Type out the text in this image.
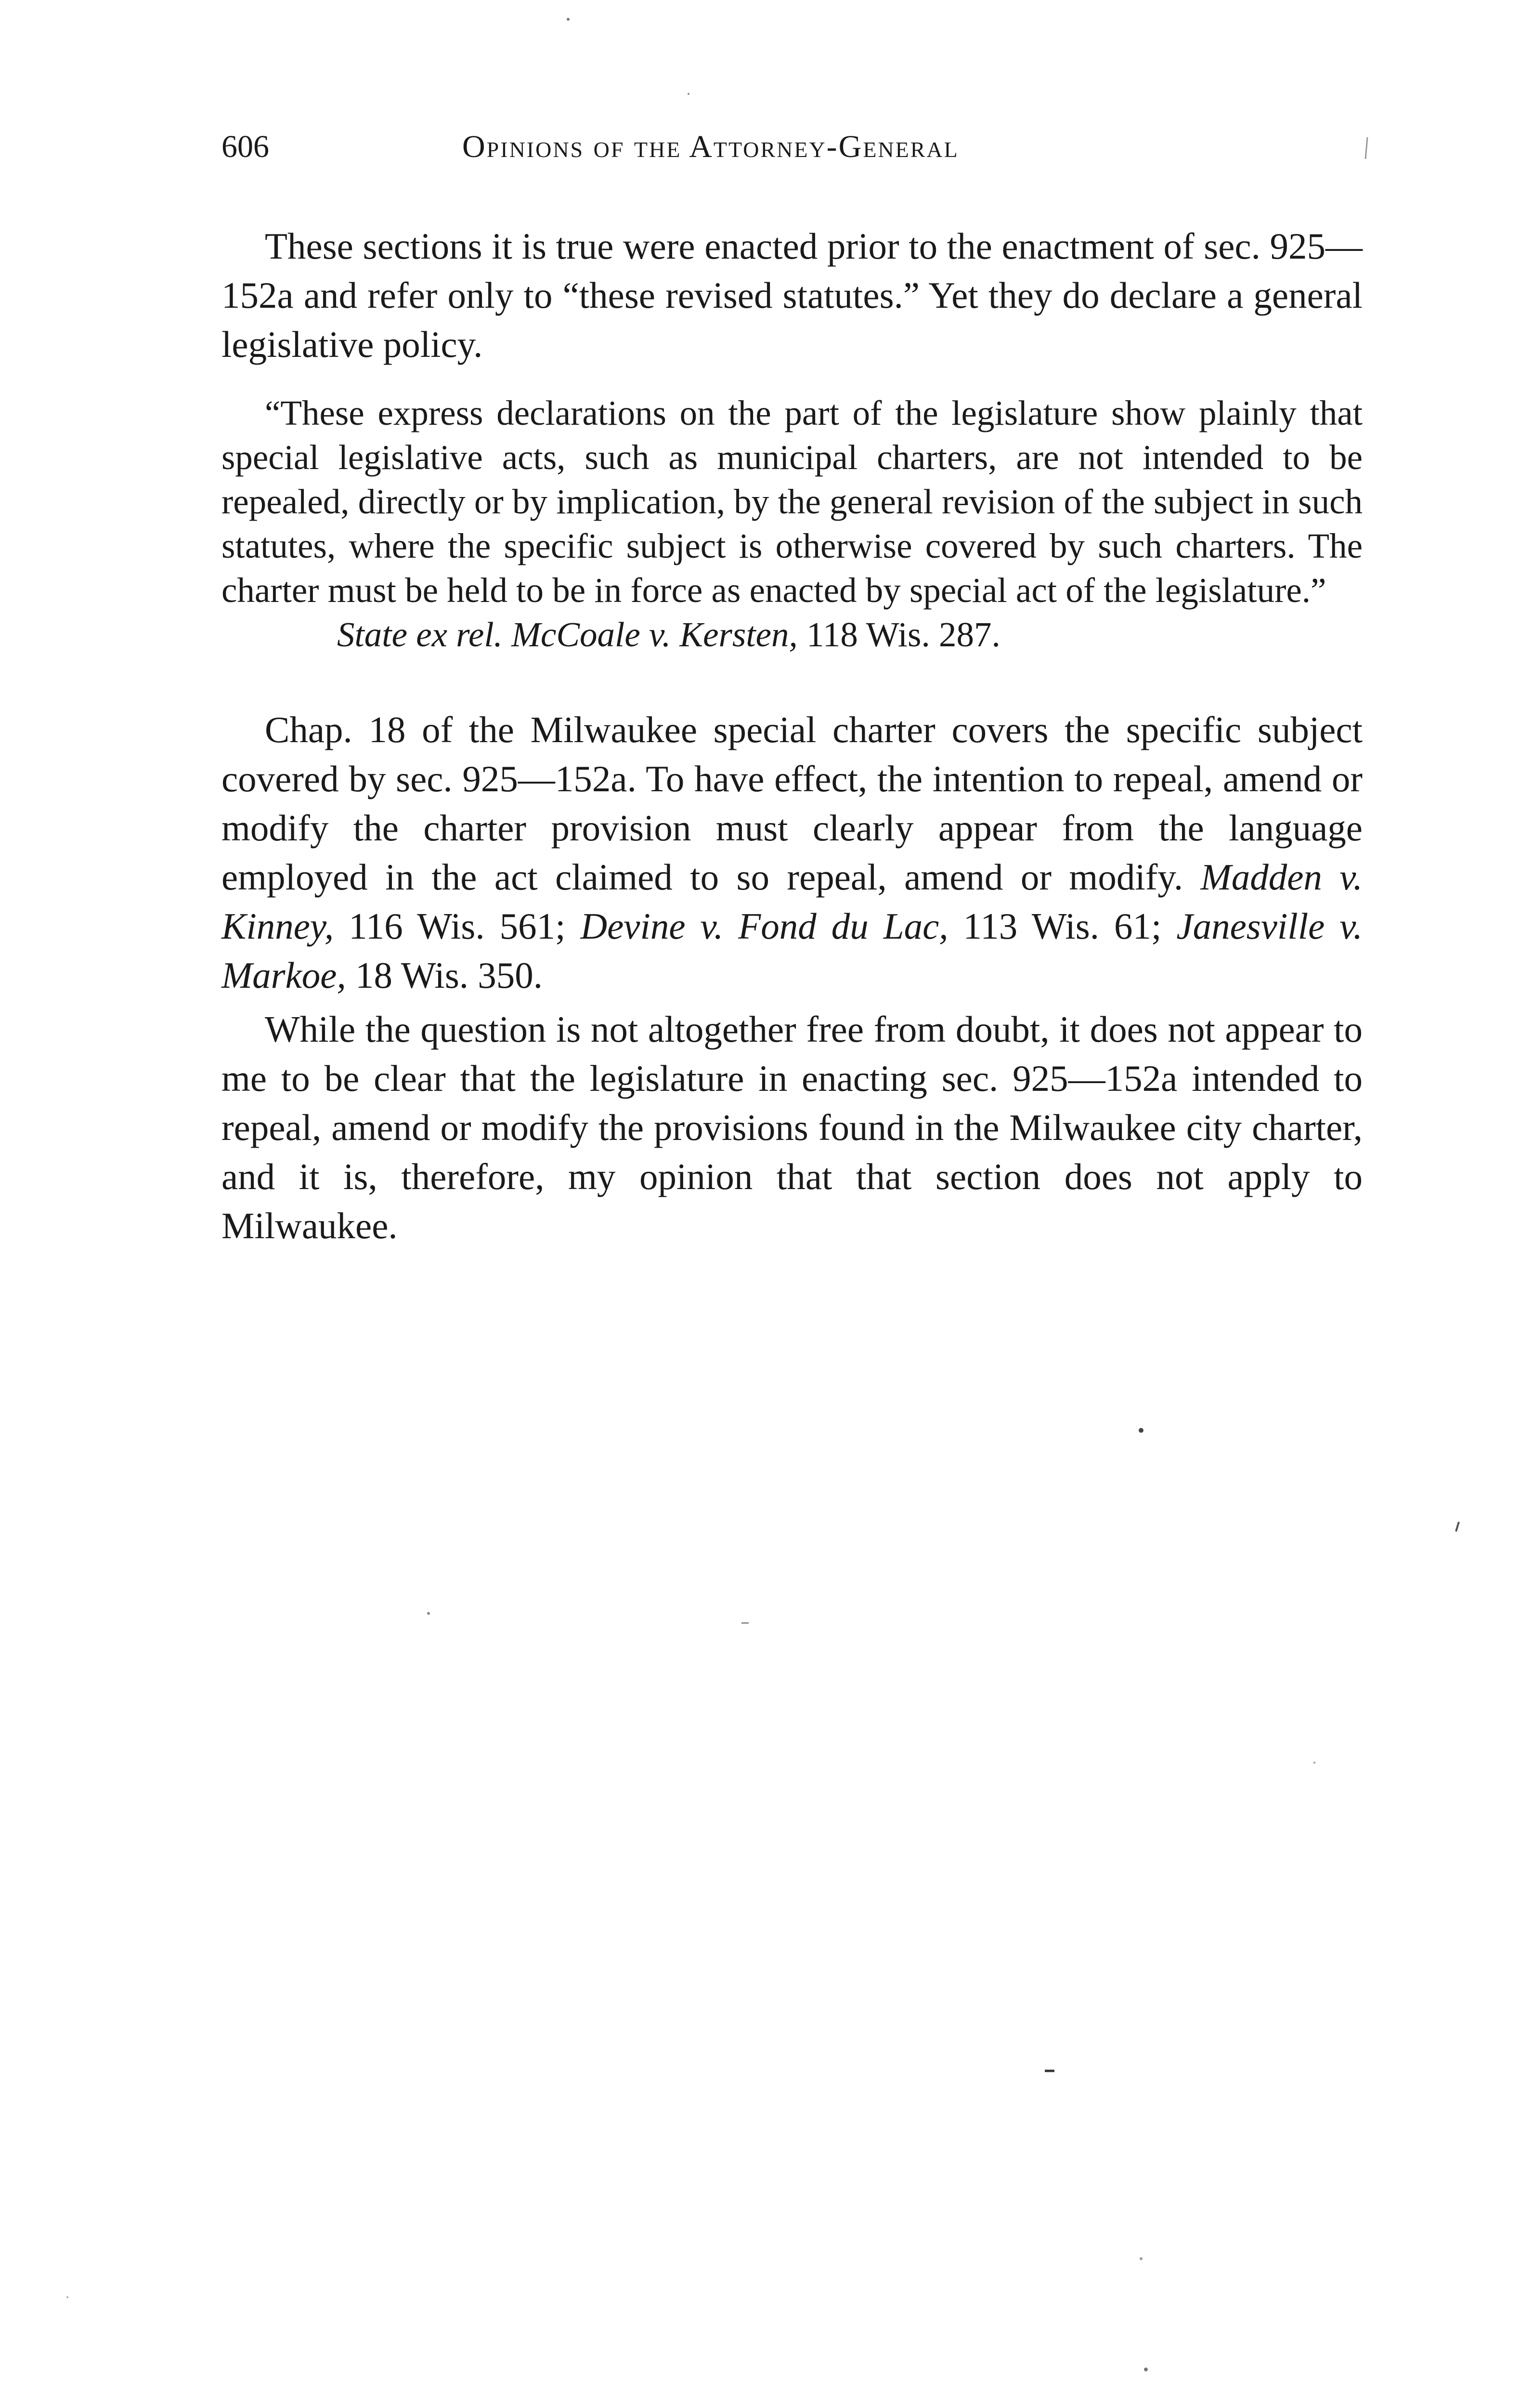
606	Opinions of the Attorney-General

These sections it is true were enacted prior to the enactment of sec. 925—152a and refer only to “these revised statutes.” Yet they do declare a general legislative policy.

“These express declarations on the part of the legislature show plainly that special legislative acts, such as municipal charters, are not intended to be repealed, directly or by implication, by the general revision of the subject in such statutes, where the specific subject is otherwise covered by such charters. The charter must be held to be in force as enacted by special act of the legislature.”

State ex rel. McCoale v. Kersten, 118 Wis. 287.

Chap. 18 of the Milwaukee special charter covers the specific subject covered by sec. 925—152a. To have effect, the intention to repeal, amend or modify the charter provision must clearly appear from the language employed in the act claimed to so repeal, amend or modify. Madden v. Kinney, 116 Wis. 561; Devine v. Fond du Lac, 113 Wis. 61; Janesville v. Markoe, 18 Wis. 350.

While the question is not altogether free from doubt, it does not appear to me to be clear that the legislature in enacting sec. 925—152a intended to repeal, amend or modify the provisions found in the Milwaukee city charter, and it is, therefore, my opinion that that section does not apply to Milwaukee.
